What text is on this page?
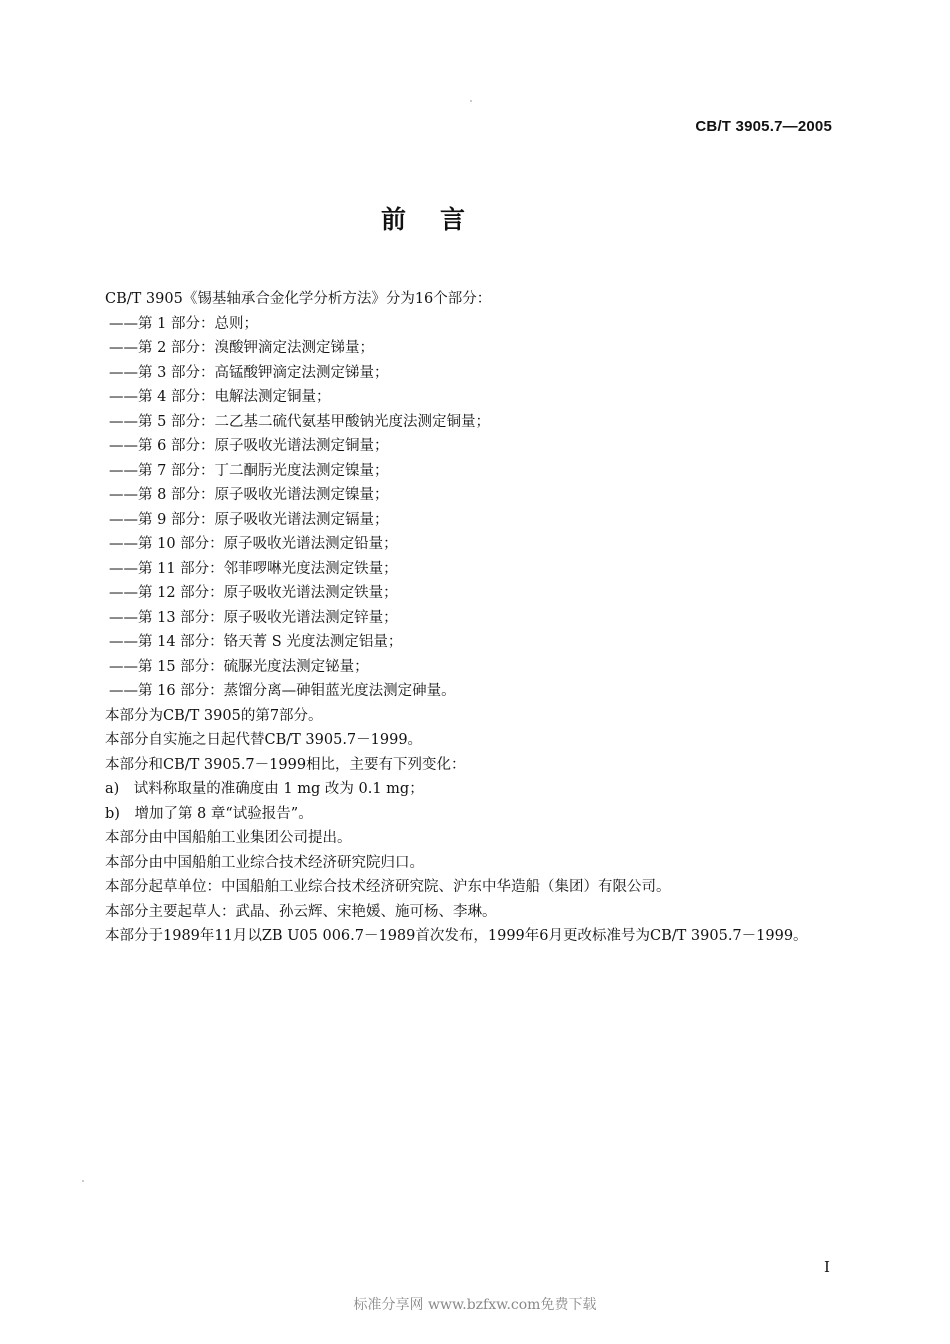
CB/T 3905.7—2005
前言

CB/T 3905《锡基轴承合金化学分析方法》分为16个部分：

——第 1 部分：总则；

——第 2 部分：溴酸钾滴定法测定锑量；

——第 3 部分：高锰酸钾滴定法测定锑量；

——第 4 部分：电解法测定铜量；

——第 5 部分：二乙基二硫代氨基甲酸钠光度法测定铜量；

——第 6 部分：原子吸收光谱法测定铜量；

——第 7 部分：丁二酮肟光度法测定镍量；

——第 8 部分：原子吸收光谱法测定镍量；

——第 9 部分：原子吸收光谱法测定镉量；

——第 10 部分：原子吸收光谱法测定铅量；

——第 11 部分：邻菲啰啉光度法测定铁量；

——第 12 部分：原子吸收光谱法测定铁量；

——第 13 部分：原子吸收光谱法测定锌量；

——第 14 部分：铬天菁 S 光度法测定铝量；

——第 15 部分：硫脲光度法测定铋量；

——第 16 部分：蒸馏分离—砷钼蓝光度法测定砷量。

本部分为CB/T 3905的第7部分。

本部分自实施之日起代替CB/T 3905.7－1999。

本部分和CB/T 3905.7－1999相比，主要有下列变化：

a)　试料称取量的准确度由 1 mg 改为 0.1 mg；

b)　增加了第 8 章“试验报告”。

本部分由中国船舶工业集团公司提出。

本部分由中国船舶工业综合技术经济研究院归口。

本部分起草单位：中国船舶工业综合技术经济研究院、沪东中华造船（集团）有限公司。

本部分主要起草人：武晶、孙云辉、宋艳媛、施可杨、李琳。

本部分于1989年11月以ZB U05 006.7－1989首次发布，1999年6月更改标准号为CB/T 3905.7－1999。

I
标准分享网 www.bzfxw.com免费下载
